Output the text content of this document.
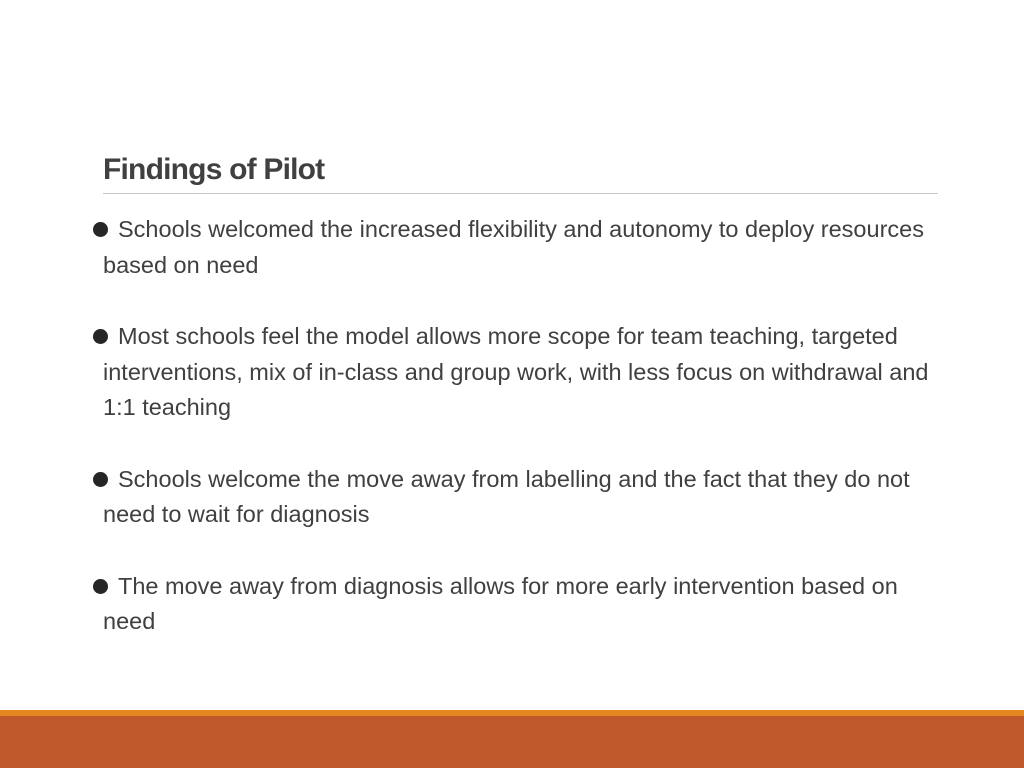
Findings of Pilot
Schools welcomed the increased flexibility and autonomy to deploy resources based on need
Most schools feel the model allows more scope for team teaching, targeted interventions, mix of in-class and group work, with less focus on withdrawal and 1:1 teaching
Schools welcome the move away from labelling and the fact that they do not need to wait for diagnosis
The move away from diagnosis allows for more early intervention based on need
